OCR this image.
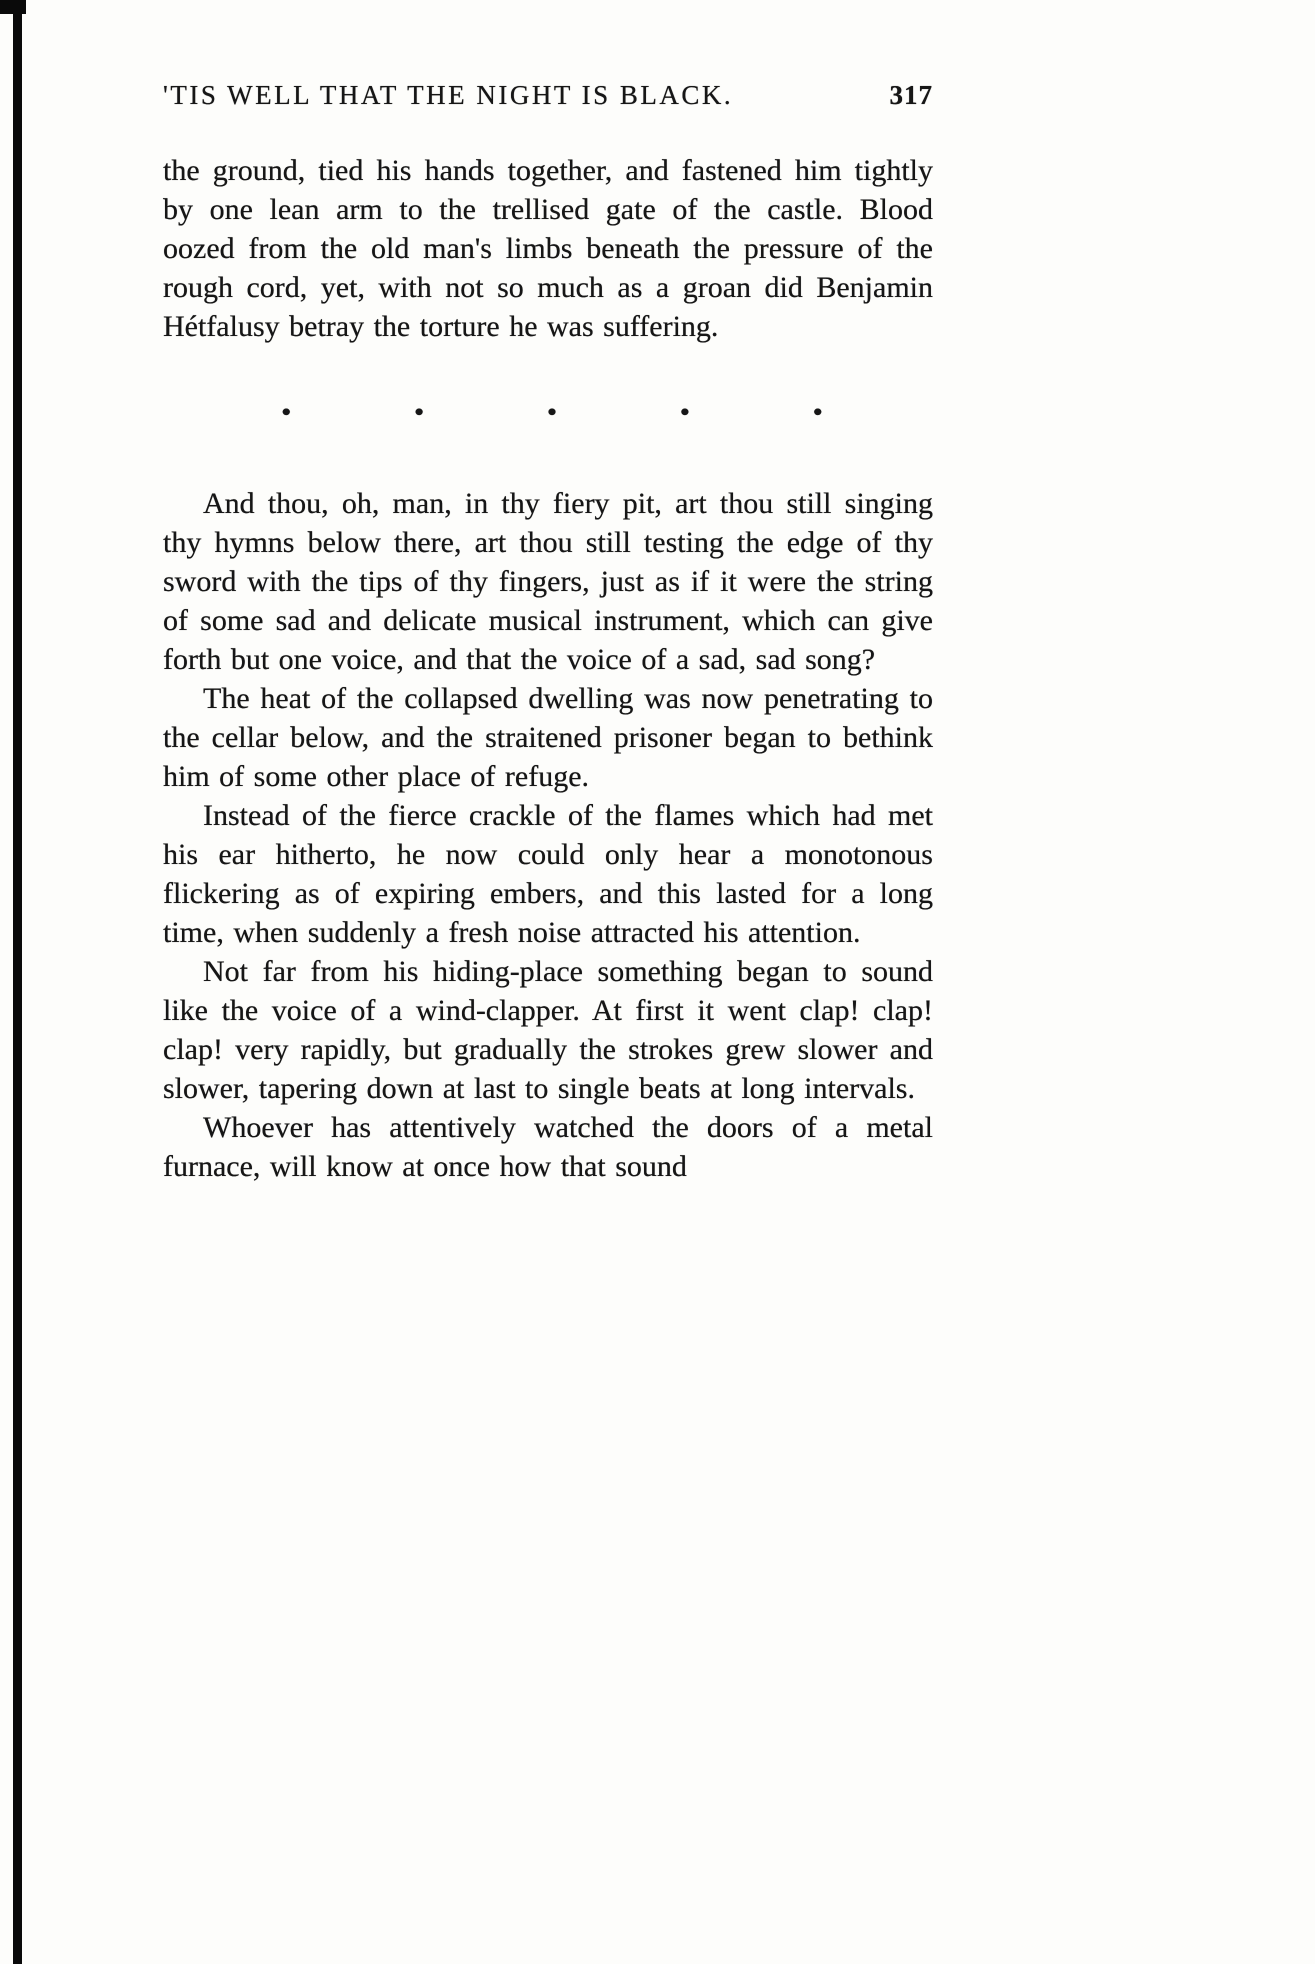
'TIS WELL THAT THE NIGHT IS BLACK.	317

the ground, tied his hands together, and fastened him tightly by one lean arm to the trellised gate of the castle. Blood oozed from the old man's limbs beneath the pressure of the rough cord, yet, with not so much as a groan did Benjamin Hétfalusy betray the torture he was suffering.

•	•	•	•	•

And thou, oh, man, in thy fiery pit, art thou still singing thy hymns below there, art thou still testing the edge of thy sword with the tips of thy fingers, just as if it were the string of some sad and delicate musical instrument, which can give forth but one voice, and that the voice of a sad, sad song?

The heat of the collapsed dwelling was now penetrating to the cellar below, and the straitened prisoner began to bethink him of some other place of refuge.

Instead of the fierce crackle of the flames which had met his ear hitherto, he now could only hear a monotonous flickering as of expiring embers, and this lasted for a long time, when suddenly a fresh noise attracted his attention.

Not far from his hiding-place something began to sound like the voice of a wind-clapper. At first it went clap! clap! clap! very rapidly, but gradually the strokes grew slower and slower, tapering down at last to single beats at long intervals.

Whoever has attentively watched the doors of a metal furnace, will know at once how that sound
